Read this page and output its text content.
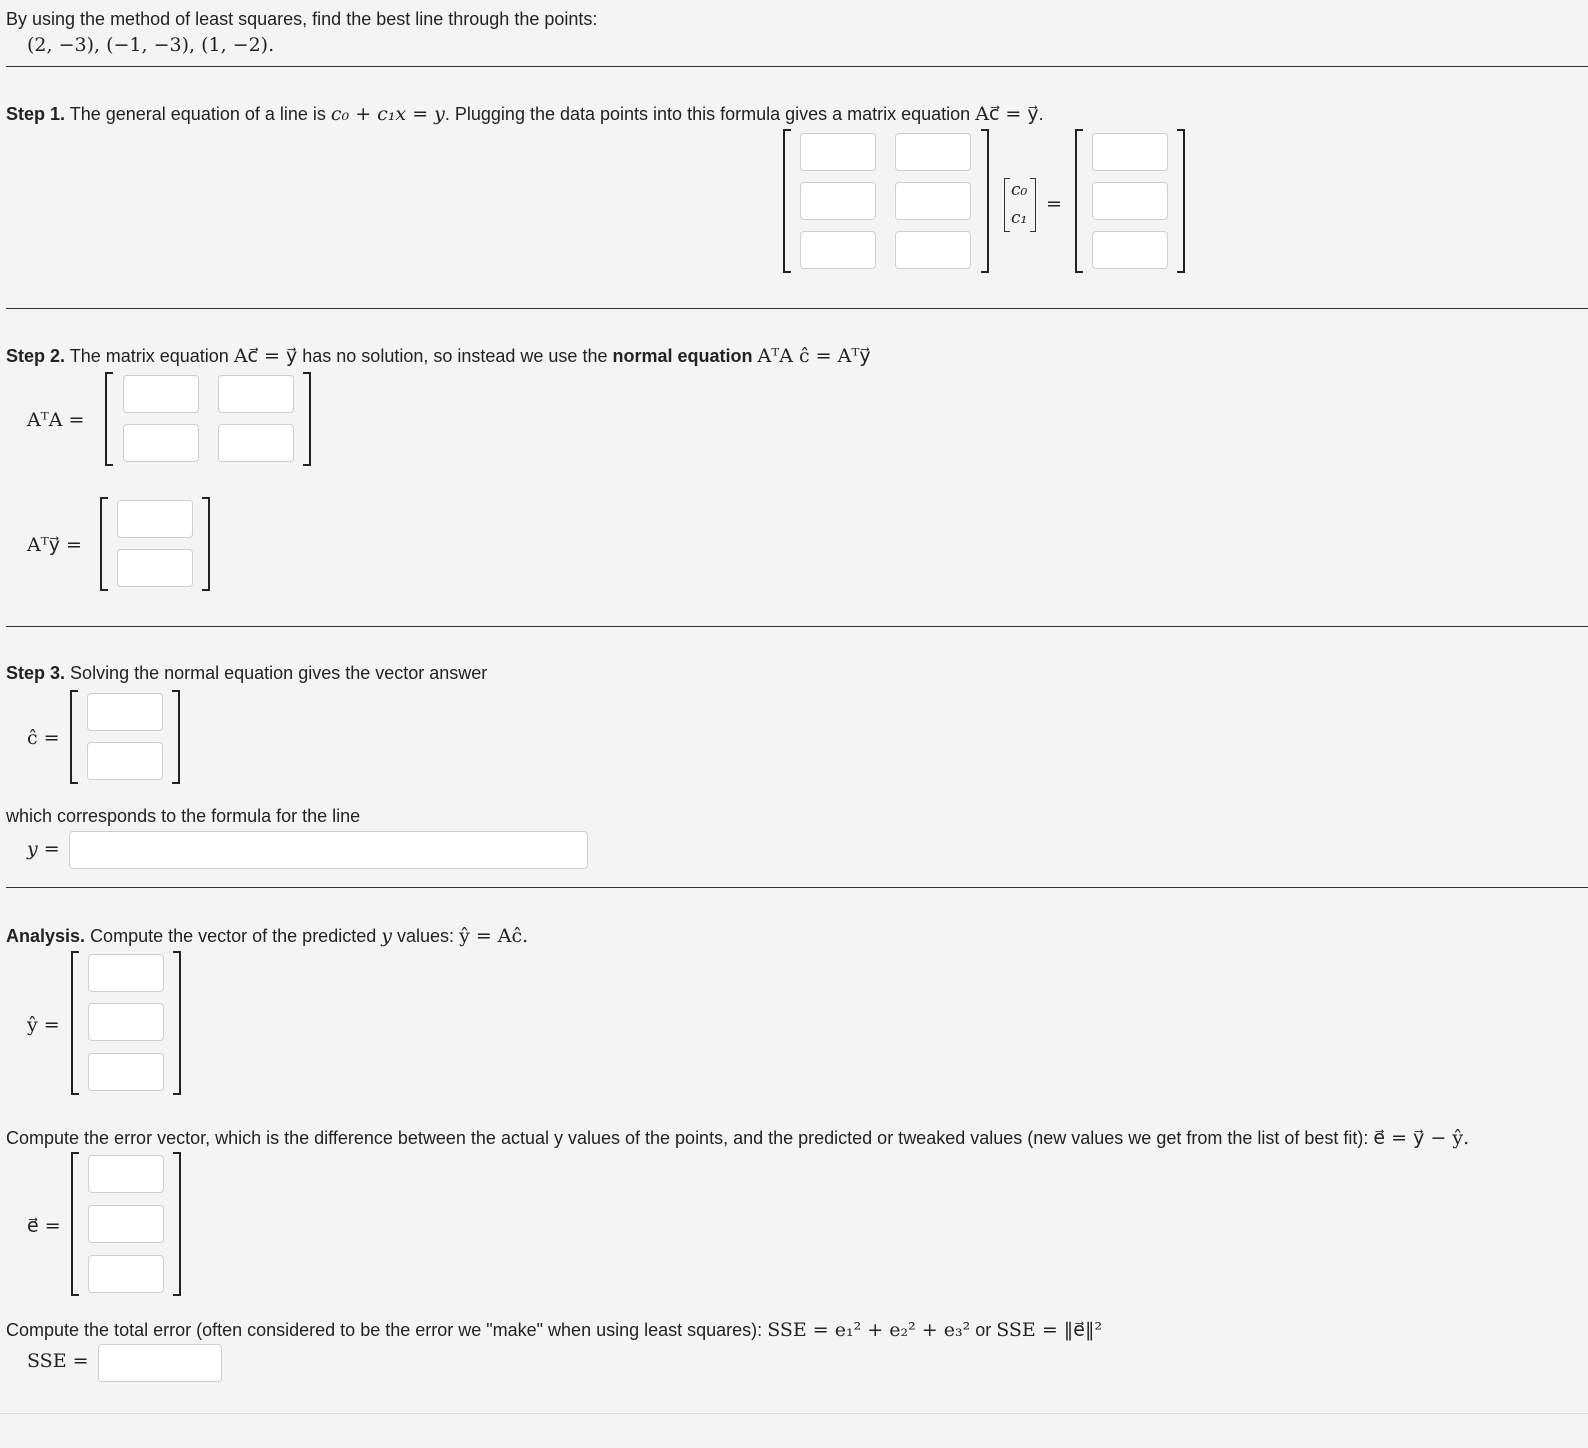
By using the method of least squares, find the best line through the points:
(2, −3), (−1, −3), (1, −2).
Step 1. The general equation of a line is c₀ + c₁x = y. Plugging the data points into this formula gives a matrix equation Ac⃗ = y⃗.
c₀
c₁
=
Step 2. The matrix equation Ac⃗ = y⃗ has no solution, so instead we use the normal equation AᵀA ĉ = Aᵀy⃗
AᵀA =
Aᵀy⃗ =
Step 3. Solving the normal equation gives the vector answer
ĉ =
which corresponds to the formula for the line
y =
Analysis. Compute the vector of the predicted y values: ŷ = Aĉ.
ŷ =
Compute the error vector, which is the difference between the actual y values of the points, and the predicted or tweaked values (new values we get from the list of best fit): e⃗ = y⃗ − ŷ.
e⃗ =
Compute the total error (often considered to be the error we "make" when using least squares): SSE = e₁² + e₂² + e₃² or SSE = ‖e⃗‖²
SSE =
